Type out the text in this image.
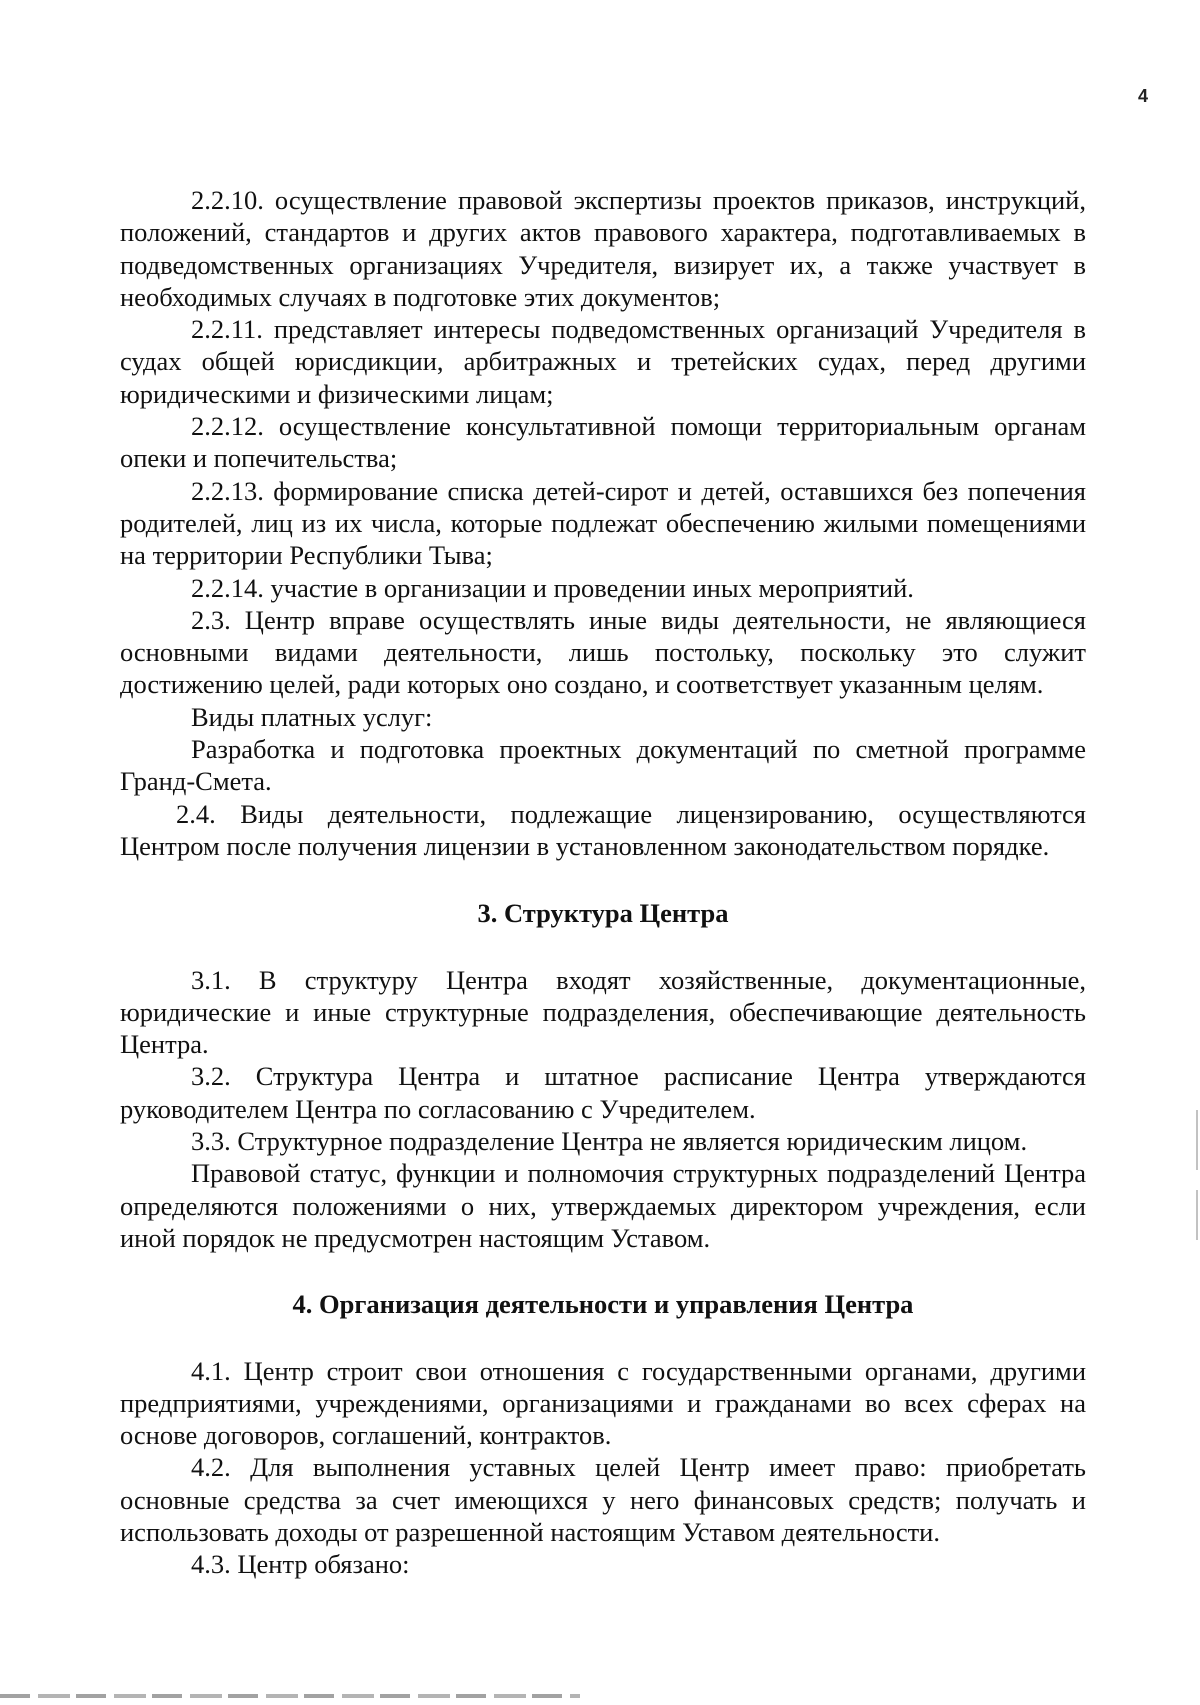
4

2.2.10. осуществление правовой экспертизы проектов приказов, инструкций, положений, стандартов и других актов правового характера, подготавливаемых в подведомственных организациях Учредителя, визирует их, а также участвует в необходимых случаях в подготовке этих документов;

2.2.11. представляет интересы подведомственных организаций Учредителя в судах общей юрисдикции, арбитражных и третейских судах, перед другими юридическими и физическими лицам;

2.2.12. осуществление консультативной помощи территориальным органам опеки и попечительства;

2.2.13. формирование списка детей-сирот и детей, оставшихся без попечения родителей, лиц из их числа, которые подлежат обеспечению жилыми помещениями на территории Республики Тыва;

2.2.14. участие в организации и проведении иных мероприятий.

2.3. Центр вправе осуществлять иные виды деятельности, не являющиеся основными видами деятельности, лишь постольку, поскольку это служит достижению целей, ради которых оно создано, и соответствует указанным целям.

Виды платных услуг:

Разработка и подготовка проектных документаций по сметной программе Гранд-Смета.

2.4. Виды деятельности, подлежащие лицензированию, осуществляются Центром после получения лицензии в установленном законодательством порядке.

3. Структура Центра

3.1. В структуру Центра входят хозяйственные, документационные, юридические и иные структурные подразделения, обеспечивающие деятельность Центра.

3.2. Структура Центра и штатное расписание Центра утверждаются руководителем Центра по согласованию с Учредителем.

3.3. Структурное подразделение Центра не является юридическим лицом.

Правовой статус, функции и полномочия структурных подразделений Центра определяются положениями о них, утверждаемых директором учреждения, если иной порядок не предусмотрен настоящим Уставом.

4. Организация деятельности и управления Центра

4.1. Центр строит свои отношения с государственными органами, другими предприятиями, учреждениями, организациями и гражданами во всех сферах на основе договоров, соглашений, контрактов.

4.2. Для выполнения уставных целей Центр имеет право: приобретать основные средства за счет имеющихся у него финансовых средств; получать и использовать доходы от разрешенной настоящим Уставом деятельности.

4.3. Центр обязано:
